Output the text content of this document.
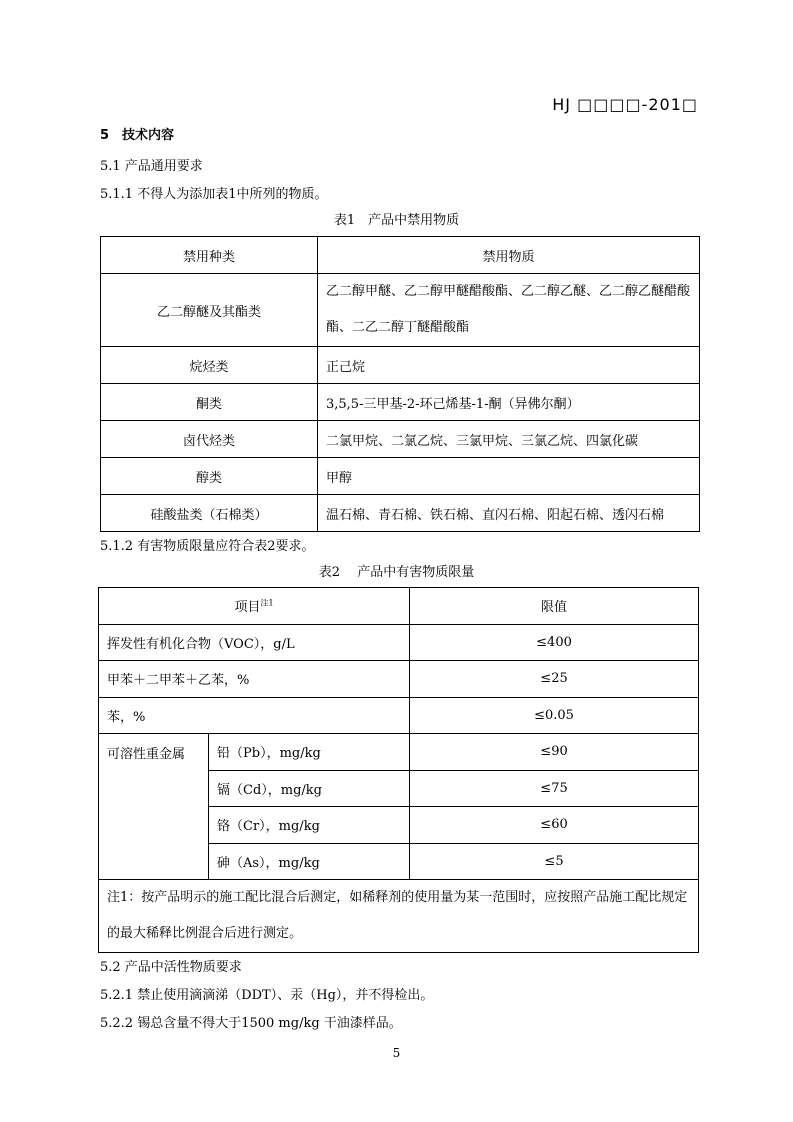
HJ □□□□-201□
5　技术内容
5.1 产品通用要求
5.1.1 不得人为添加表1中所列的物质。
表1　产品中禁用物质
禁用种类	禁用物质
乙二醇醚及其酯类	乙二醇甲醚、乙二醇甲醚醋酸酯、乙二醇乙醚、乙二醇乙醚醋酸酯、二乙二醇丁醚醋酸酯
烷烃类	正己烷
酮类	3,5,5-三甲基-2-环己烯基-1-酮（异佛尔酮）
卤代烃类	二氯甲烷、二氯乙烷、三氯甲烷、三氯乙烷、四氯化碳
醇类	甲醇
硅酸盐类（石棉类）	温石棉、青石棉、铁石棉、直闪石棉、阳起石棉、透闪石棉
5.1.2 有害物质限量应符合表2要求。
表2　 产品中有害物质限量
项目$^{注1}$		限值
挥发性有机化合物（VOC），g/L		≤400
甲苯＋二甲苯＋乙苯，%		≤25
苯，%		≤0.05
可溶性重金属	铅（Pb），mg/kg	≤90
	镉（Cd），mg/kg	≤75
	铬（Cr），mg/kg	≤60
	砷（As），mg/kg	≤5
注1：按产品明示的施工配比混合后测定，如稀释剂的使用量为某一范围时，应按照产品施工配比规定的最大稀释比例混合后进行测定。		
5.2 产品中活性物质要求
5.2.1 禁止使用滴滴涕（DDT）、汞（Hg），并不得检出。
5.2.2 锡总含量不得大于1500 mg/kg 干油漆样品。
5
